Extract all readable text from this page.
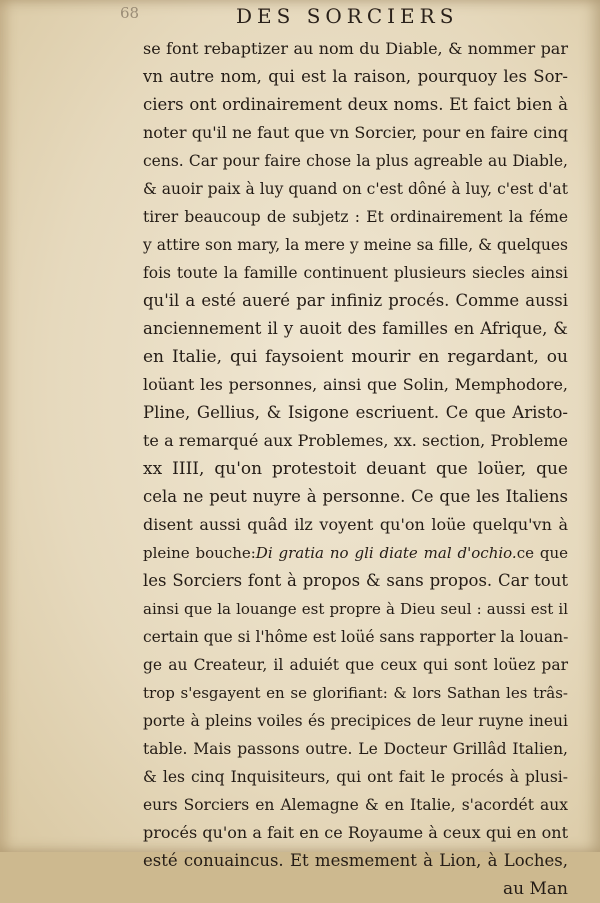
68	DES SORCIERS
se font rebaptizer au nom du Diable, & nommer par
vn autre nom, qui est la raison, pourquoy les Sor-
ciers ont ordinairement deux noms. Et faict bien à
noter qu'il ne faut que vn Sorcier, pour en faire cinq
cens. Car pour faire chose la plus agreable au Diable,
& auoir paix à luy quand on c'est dôné à luy, c'est d'at
tirer beaucoup de subjetz : Et ordinairement la féme
y attire son mary, la mere y meine sa fille, & quelques
fois toute la famille continuent plusieurs siecles ainsi
qu'il a esté aueré par infiniz procés. Comme aussi
anciennement il y auoit des familles en Afrique, &
en Italie, qui faysoient mourir en regardant, ou
loüant les personnes, ainsi que Solin, Memphodore,
Pline, Gellius, & Isigone escriuent. Ce que Aristo-
te a remarqué aux Problemes, xx. section, Probleme
xx IIII, qu'on protestoit deuant que loüer, que
cela ne peut nuyre à personne. Ce que les Italiens
disent aussi quâd ilz voyent qu'on loüe quelqu'vn à
pleine bouche:Di gratia no gli diate mal d'ochio.ce que
les Sorciers font à propos & sans propos. Car tout
ainsi que la louange est propre à Dieu seul : aussi est il
certain que si l'hôme est loüé sans rapporter la louan-
ge au Createur, il aduiét que ceux qui sont loüez par
trop s'esgayent en se glorifiant: & lors Sathan les trâs-
porte à pleins voiles és precipices de leur ruyne ineui
table. Mais passons outre. Le Docteur Grillâd Italien,
& les cinq Inquisiteurs, qui ont fait le procés à plusi-
eurs Sorciers en Alemagne & en Italie, s'acordét aux
procés qu'on a fait en ce Royaume à ceux qui en ont
esté conuaincus. Et mesmement à Lion, à Loches,
au Man
